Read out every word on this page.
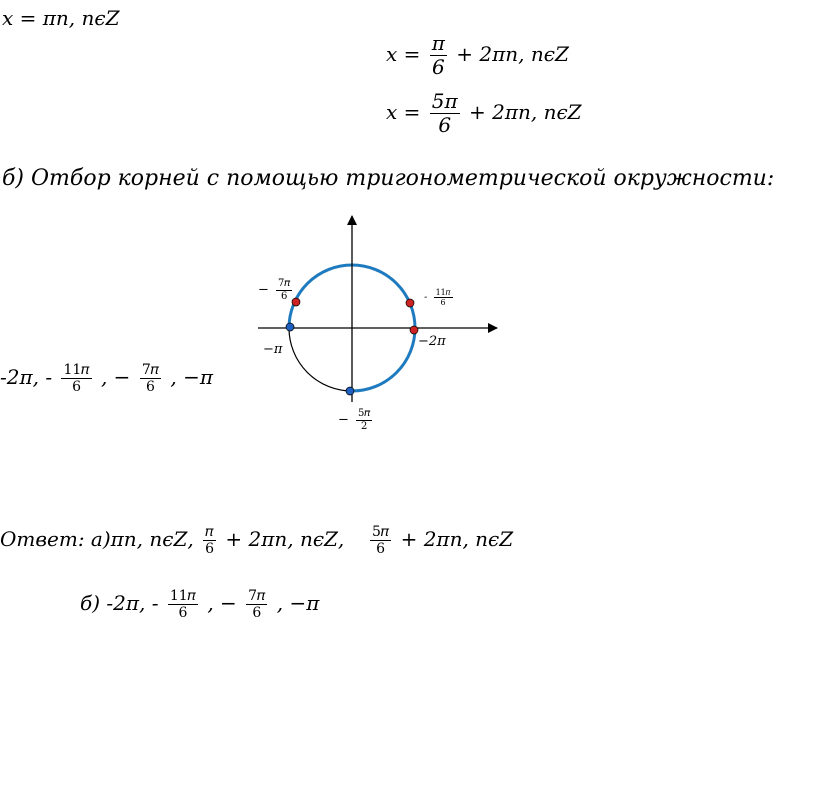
𝑥 = 𝜋𝑛, 𝑛𝜖𝑍
𝑥 = $\frac{\text{𝜋}}{6}$ + 2𝜋𝑛, 𝑛𝜖𝑍
𝑥 = $\frac{\text{5𝜋}}{6}$ + 2𝜋𝑛, 𝑛𝜖𝑍
б) Отбор корней с помощью тригонометрической окружности:
-2𝜋, - $\frac{\text{11𝜋}}{6}$ , − $\frac{\text{7𝜋}}{6}$ , −𝜋
− $\frac{\text{7𝜋}}{6}$	- $\frac{\text{11𝜋}}{6}$
−𝜋
−2𝜋
− $\frac{\text{5𝜋}}{2}$
Ответ: а)𝜋𝑛, 𝑛𝜖𝑍, $\frac{\text{𝜋}}{6}$ + 2𝜋𝑛, 𝑛𝜖𝑍, $\frac{\text{5𝜋}}{6}$ + 2𝜋𝑛, 𝑛𝜖𝑍
б) -2𝜋, - $\frac{\text{11𝜋}}{6}$ , − $\frac{\text{7𝜋}}{6}$ , −𝜋
